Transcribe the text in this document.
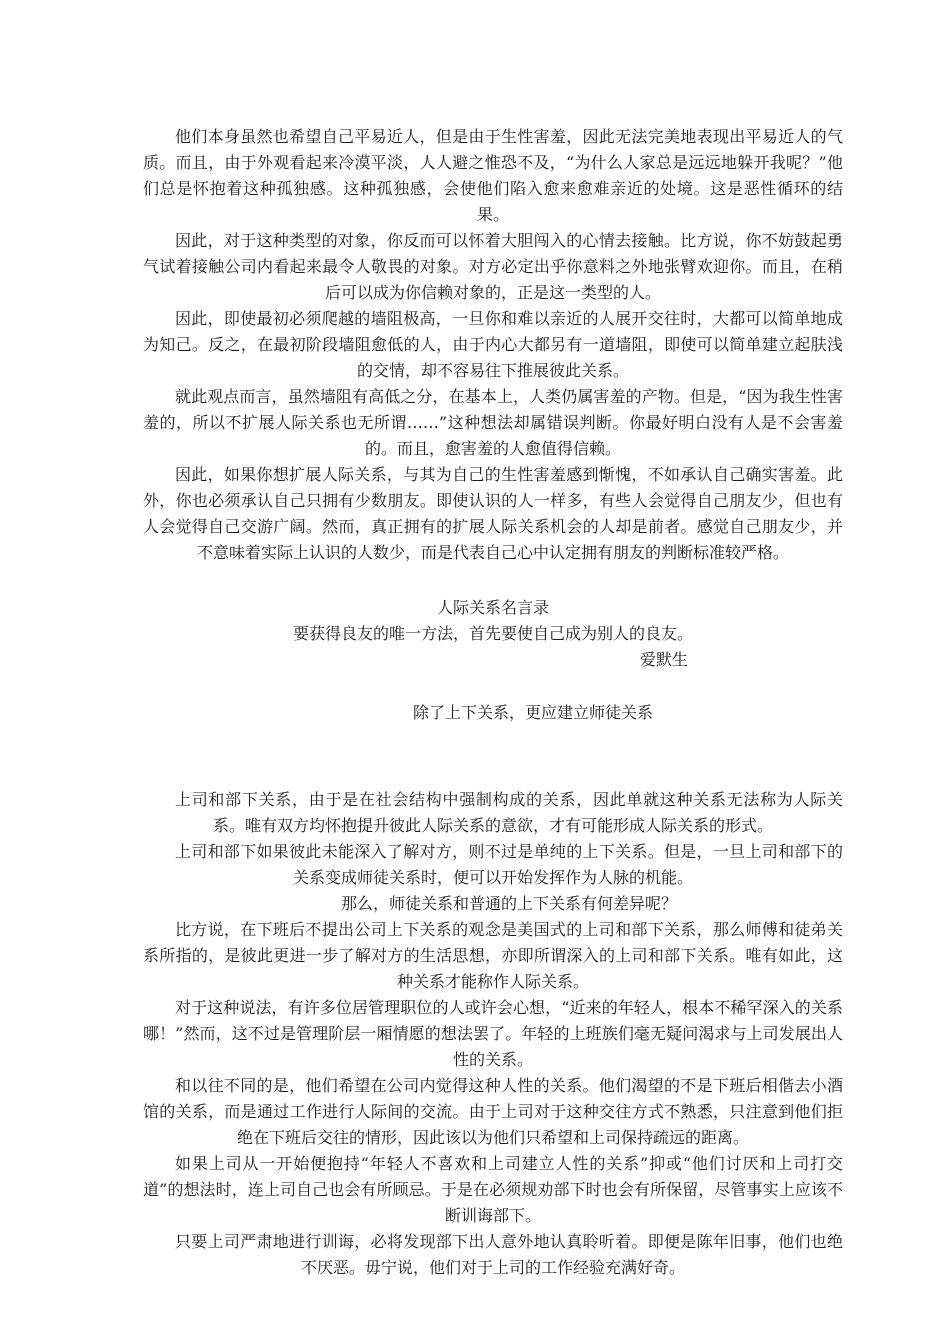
他们本身虽然也希望自己平易近人，但是由于生性害羞，因此无法完美地表现出平易近人的气质。而且，由于外观看起来冷漠平淡，人人避之惟恐不及，“为什么人家总是远远地躲开我呢？”他们总是怀抱着这种孤独感。这种孤独感，会使他们陷入愈来愈难亲近的处境。这是恶性循环的结果。

因此，对于这种类型的对象，你反而可以怀着大胆闯入的心情去接触。比方说，你不妨鼓起勇气试着接触公司内看起来最令人敬畏的对象。对方必定出乎你意料之外地张臂欢迎你。而且，在稍后可以成为你信赖对象的，正是这一类型的人。

因此，即使最初必须爬越的墙阻极高，一旦你和难以亲近的人展开交往时，大都可以简单地成为知己。反之，在最初阶段墙阻愈低的人，由于内心大都另有一道墙阻，即使可以简单建立起肤浅的交情，却不容易往下推展彼此关系。

就此观点而言，虽然墙阻有高低之分，在基本上，人类仍属害羞的产物。但是，“因为我生性害羞的，所以不扩展人际关系也无所谓……”这种想法却属错误判断。你最好明白没有人是不会害羞的。而且，愈害羞的人愈值得信赖。

因此，如果你想扩展人际关系，与其为自己的生性害羞感到惭愧，不如承认自己确实害羞。此外，你也必须承认自己只拥有少数朋友。即使认识的人一样多，有些人会觉得自己朋友少，但也有人会觉得自己交游广阔。然而，真正拥有的扩展人际关系机会的人却是前者。感觉自己朋友少，并不意味着实际上认识的人数少，而是代表自己心中认定拥有朋友的判断标准较严格。

人际关系名言录

要获得良友的唯一方法，首先要使自己成为别人的良友。

爱默生

除了上下关系，更应建立师徒关系

上司和部下关系，由于是在社会结构中强制构成的关系，因此单就这种关系无法称为人际关系。唯有双方均怀抱提升彼此人际关系的意欲，才有可能形成人际关系的形式。

上司和部下如果彼此未能深入了解对方，则不过是单纯的上下关系。但是，一旦上司和部下的关系变成师徒关系时，便可以开始发挥作为人脉的机能。

那么，师徒关系和普通的上下关系有何差异呢？

比方说，在下班后不提出公司上下关系的观念是美国式的上司和部下关系，那么师傅和徒弟关系所指的，是彼此更进一步了解对方的生活思想，亦即所谓深入的上司和部下关系。唯有如此，这种关系才能称作人际关系。

对于这种说法，有许多位居管理职位的人或许会心想，“近来的年轻人，根本不稀罕深入的关系哪！”然而，这不过是管理阶层一厢情愿的想法罢了。年轻的上班族们毫无疑问渴求与上司发展出人性的关系。

和以往不同的是，他们希望在公司内觉得这种人性的关系。他们渴望的不是下班后相偕去小酒馆的关系，而是通过工作进行人际间的交流。由于上司对于这种交往方式不熟悉，只注意到他们拒绝在下班后交往的情形，因此该以为他们只希望和上司保持疏远的距离。

如果上司从一开始便抱持“年轻人不喜欢和上司建立人性的关系”抑或“他们讨厌和上司打交道”的想法时，连上司自己也会有所顾忌。于是在必须规劝部下时也会有所保留，尽管事实上应该不断训诲部下。

只要上司严肃地进行训诲，必将发现部下出人意外地认真聆听着。即便是陈年旧事，他们也绝不厌恶。毋宁说，他们对于上司的工作经验充满好奇。
